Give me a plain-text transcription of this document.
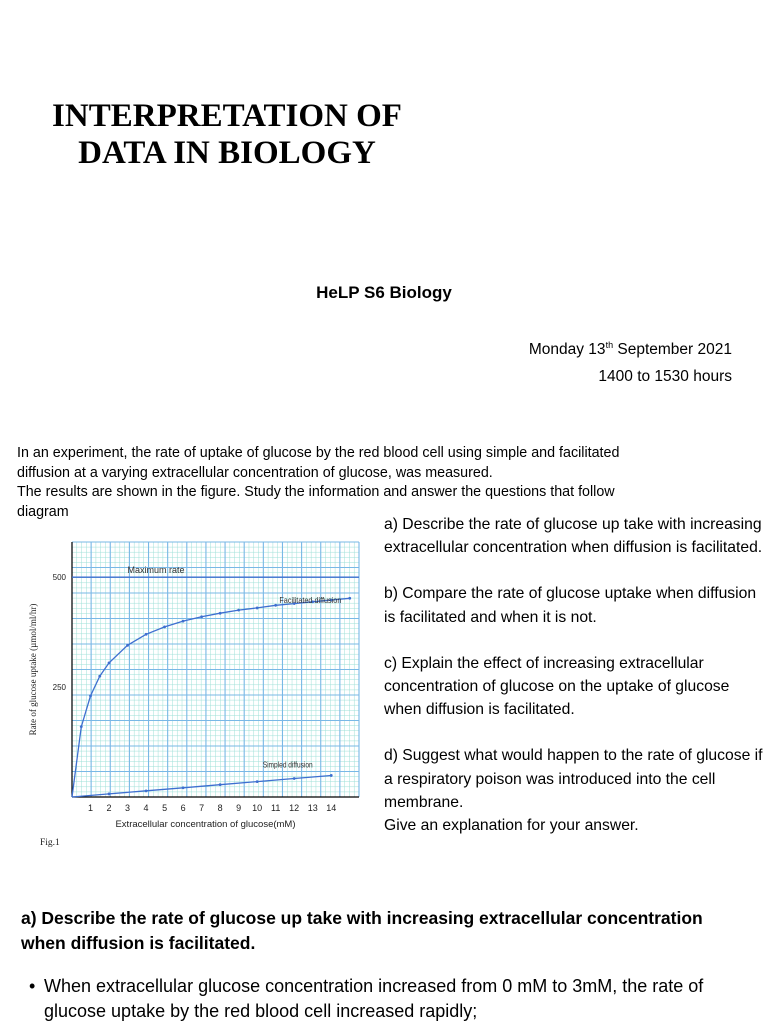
INTERPRETATION OF
DATA IN BIOLOGY
HeLP S6 Biology
Monday 13th September 2021
1400 to 1530 hours
In an experiment, the rate of uptake of glucose by the red blood cell using simple and facilitated
diffusion at a varying extracellular concentration of glucose, was measured.
The results are shown in the figure. Study the information and answer the questions that follow
diagram
a) Describe the rate of glucose up take with increasing extracellular concentration when diffusion is facilitated.
b) Compare the rate of glucose uptake when diffusion is facilitated and when it is not.
c) Explain the effect of increasing extracellular concentration of glucose on the uptake of glucose when diffusion is facilitated.
d) Suggest what would happen to the rate of glucose if a respiratory poison was introduced into the cell membrane.
Give an explanation for your answer.
Maximum rate
Facilitated diffusion
Simpled diffusion
1 2 3 4 5 6 7 8 9 10 11 12 13 14
250
500
Extracellular concentration of glucose(mM)
Rate of glucose uptake (µmol/ml/hr)
Fig.1
a) Describe the rate of glucose up take with increasing extracellular concentration when diffusion is facilitated.
• When extracellular glucose concentration increased from 0 mM to 3mM, the rate of glucose uptake by the red blood cell increased rapidly;
